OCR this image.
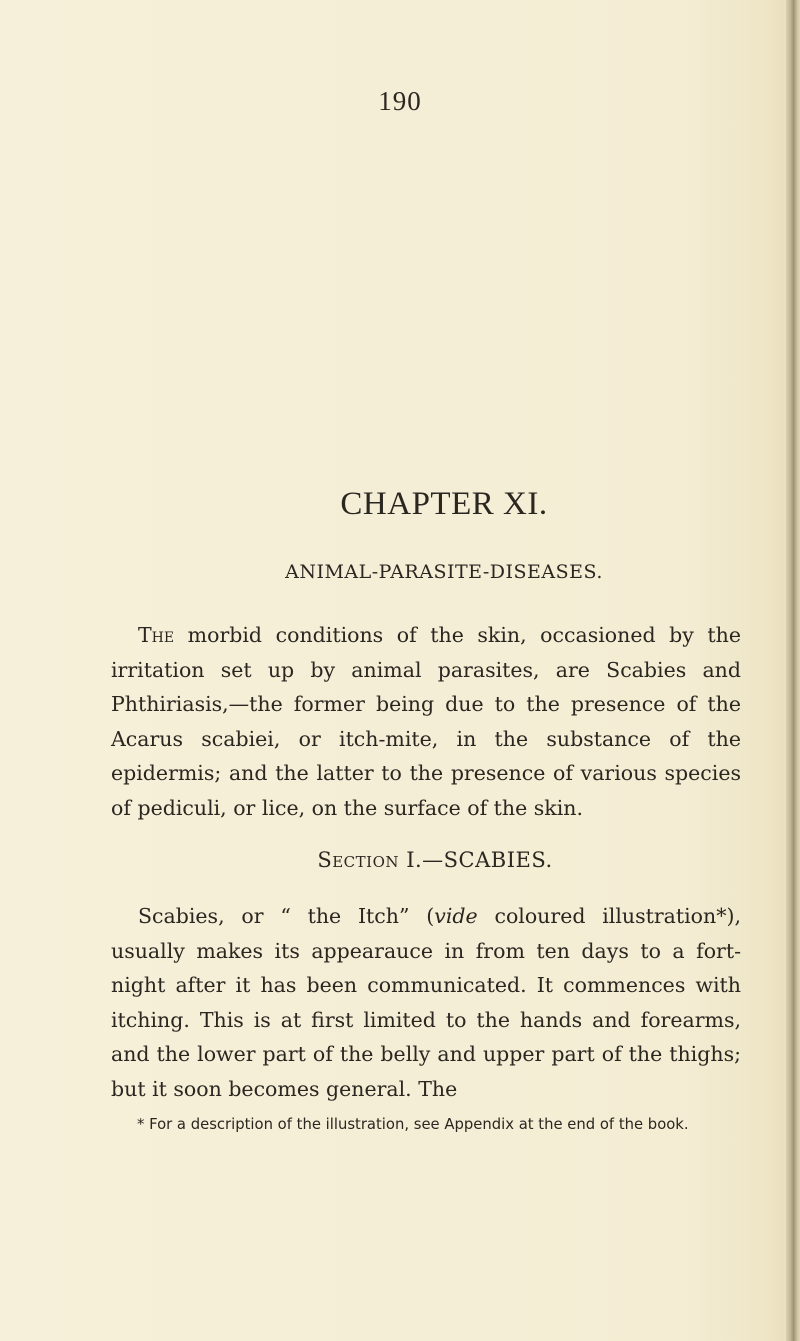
190
CHAPTER XI.
ANIMAL-PARASITE-DISEASES.

The morbid conditions of the skin, occasioned by the irritation set up by animal parasites, are Scabies and Phthiriasis,—the former being due to the presence of the Acarus scabiei, or itch-mite, in the substance of the epidermis; and the latter to the presence of various species of pediculi, or lice, on the surface of the skin.

Section I.—SCABIES.

Scabies, or “ the Itch” (vide coloured illustration*), usually makes its appearauce in from ten days to a fort-night after it has been communicated. It commences with itching. This is at first limited to the hands and forearms, and the lower part of the belly and upper part of the thighs; but it soon becomes general. The

* For a description of the illustration, see Appendix at the end of the book.
